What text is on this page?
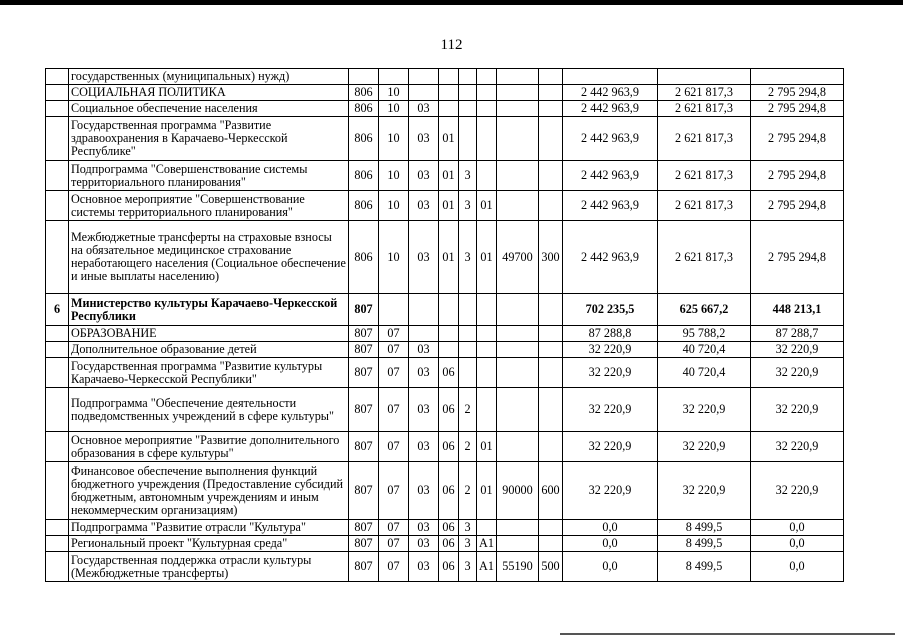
112
	государственных (муниципальных) нужд)											
	СОЦИАЛЬНАЯ ПОЛИТИКА	806	10							2 442 963,9	2 621 817,3	2 795 294,8
	Социальное обеспечение населения	806	10	03						2 442 963,9	2 621 817,3	2 795 294,8
	Государственная программа "Развитие здравоохранения в Карачаево-Черкесской Республике"	806	10	03	01					2 442 963,9	2 621 817,3	2 795 294,8
	Подпрограмма "Совершенствование системы территориального планирования"	806	10	03	01	3				2 442 963,9	2 621 817,3	2 795 294,8
	Основное мероприятие "Совершенствование системы территориального планирования"	806	10	03	01	3	01			2 442 963,9	2 621 817,3	2 795 294,8
	Межбюджетные трансферты на страховые взносы на обязательное медицинское страхование неработающего населения (Социальное обеспечение и иные выплаты населению)	806	10	03	01	3	01	49700	300	2 442 963,9	2 621 817,3	2 795 294,8
6	Министерство культуры Карачаево-Черкесской Республики	807								702 235,5	625 667,2	448 213,1
	ОБРАЗОВАНИЕ	807	07							87 288,8	95 788,2	87 288,7
	Дополнительное образование детей	807	07	03						32 220,9	40 720,4	32 220,9
	Государственная программа "Развитие культуры Карачаево-Черкесской Республики"	807	07	03	06					32 220,9	40 720,4	32 220,9
	Подпрограмма "Обеспечение деятельности подведомственных учреждений в сфере культуры"	807	07	03	06	2				32 220,9	32 220,9	32 220,9
	Основное мероприятие "Развитие дополнительного образования в сфере культуры"	807	07	03	06	2	01			32 220,9	32 220,9	32 220,9
	Финансовое обеспечение выполнения функций бюджетного учреждения (Предоставление субсидий бюджетным, автономным учреждениям и иным некоммерческим организациям)	807	07	03	06	2	01	90000	600	32 220,9	32 220,9	32 220,9
	Подпрограмма "Развитие отрасли "Культура"	807	07	03	06	3				0,0	8 499,5	0,0
	Региональный проект "Культурная среда"	807	07	03	06	3	A1			0,0	8 499,5	0,0
	Государственная поддержка отрасли культуры (Межбюджетные трансферты)	807	07	03	06	3	A1	55190	500	0,0	8 499,5	0,0
